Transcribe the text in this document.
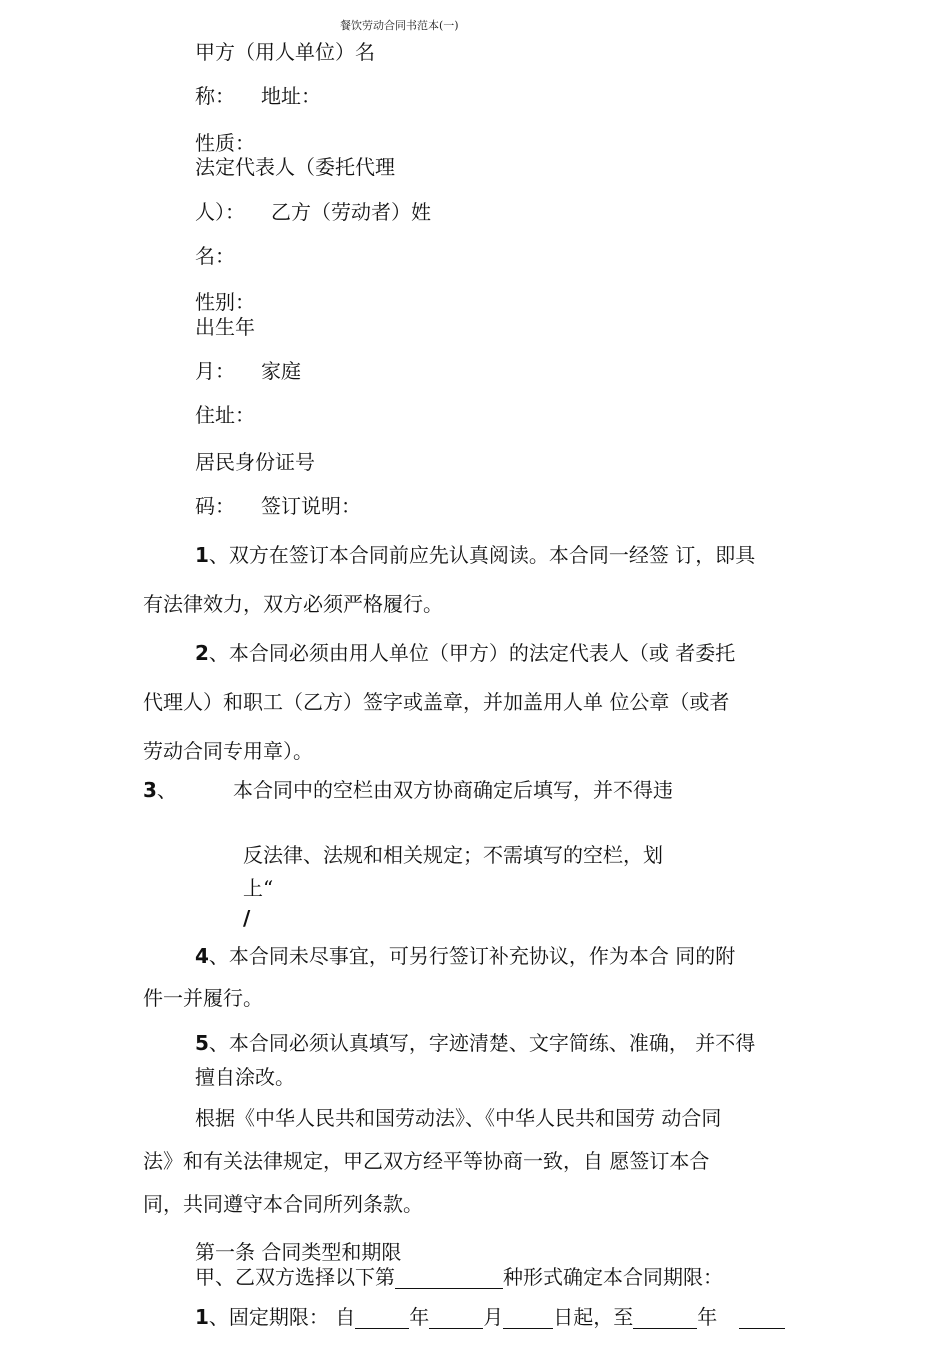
餐饮劳动合同书范本(一)
甲方（用人单位）名
称： 地址：
性质：
法定代表人（委托代理
人）： 乙方（劳动者）姓
名：
性别：
出生年
月： 家庭
住址：
居民身份证号
码： 签订说明：
1、双方在签订本合同前应先认真阅读。本合同一经签 订，即具
有法律效力，双方必须严格履行。
2、本合同必须由用人单位（甲方）的法定代表人（或 者委托
代理人）和职工（乙方）签字或盖章，并加盖用人单 位公章（或者
劳动合同专用章）。
3、	本合同中的空栏由双方协商确定后填写，并不得违
反法律、法规和相关规定；不需填写的空栏，划
上“
/
4、本合同未尽事宜，可另行签订补充协议，作为本合 同的附
件一并履行。
5、本合同必须认真填写，字迹清楚、文字简练、准确， 并不得
擅自涂改。
根据《中华人民共和国劳动法》、《中华人民共和国劳 动合同
法》和有关法律规定，甲乙双方经平等协商一致，自 愿签订本合
同，共同遵守本合同所列条款。
第一条 合同类型和期限
甲、乙双方选择以下第	种形式确定本合同期限：
1、固定期限： 自	年	月	日起，至	年
